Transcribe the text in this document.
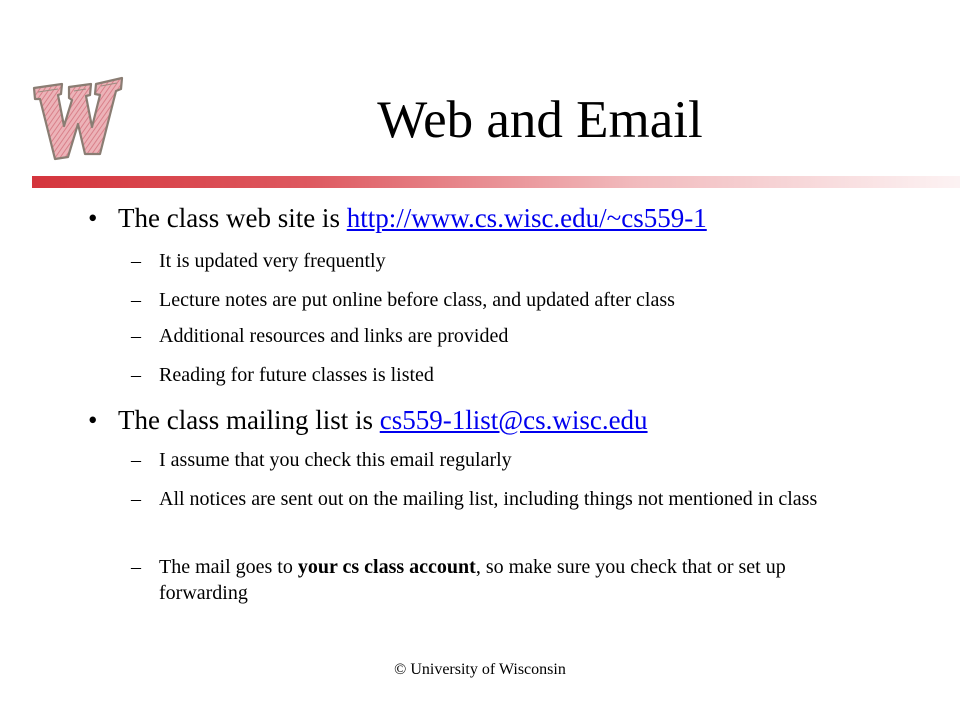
Web and Email
• The class web site is http://www.cs.wisc.edu/~cs559-1
– It is updated very frequently
– Lecture notes are put online before class, and updated after class
– Additional resources and links are provided
– Reading for future classes is listed
• The class mailing list is cs559-1list@cs.wisc.edu
– I assume that you check this email regularly
– All notices are sent out on the mailing list, including things not mentioned in class
– The mail goes to your cs class account, so make sure you check that or set up forwarding
© University of Wisconsin
